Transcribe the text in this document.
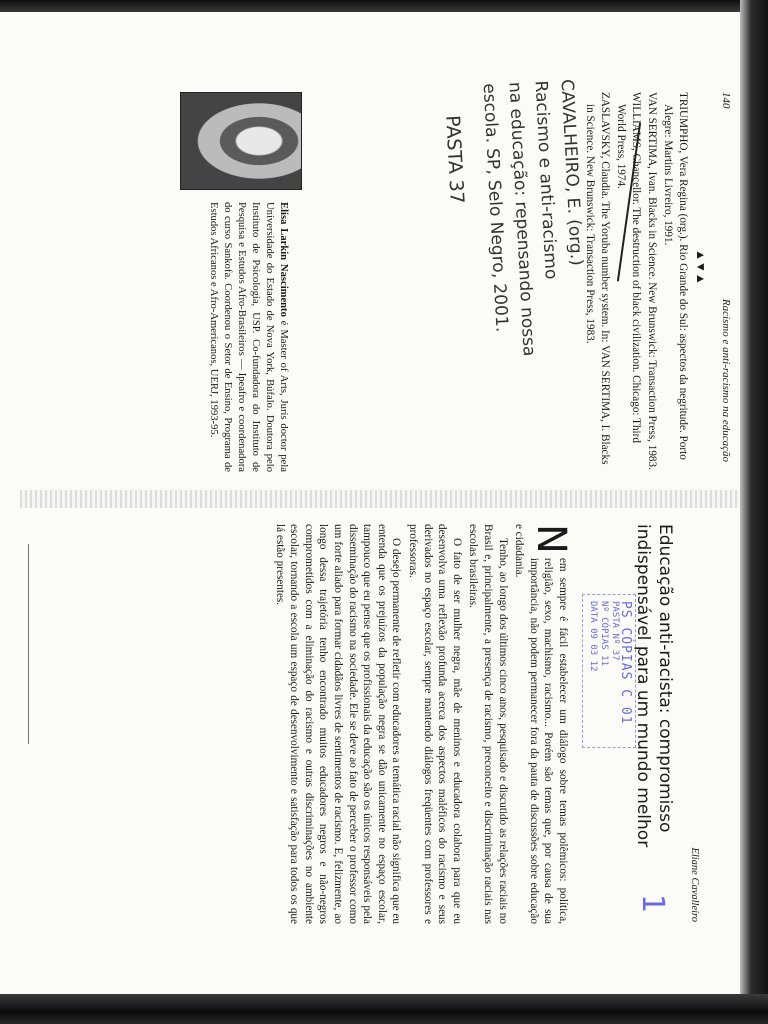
140
Racismo e anti-racismo na educação
▲▼▲

TRIUMPHO, Vera Regina (org.). Rio Grande do Sul: aspectos da negritude. Porto Alegre: Martins Livreiro, 1991.

VAN SERTIMA, Ivan. Blacks in Science. New Brunswick: Transaction Press, 1983.

WILLIAMS, Chancellor. The destruction of black civilization. Chicago: Third World Press, 1974.

ZASLAVSKY, Claudia. The Yoruba number system. In: VAN SERTIMA, I. Blacks in Science. New Brunswick: Transaction Press, 1983.

CAVALHEIRO, E. (org.)
Racismo e anti-racismo
na educação: repensando nossa
escola. SP, Selo Negro, 2001.
PASTA 37
Elisa Larkin Nascimento é Master of Arts, Juris doctor pela Universidade do Estado de Nova York, Búfalo. Doutora pelo Instituto de Psicologia, USP. Co-fundadora do Instituto de Pesquisa e Estudos Afro-Brasileiros — Ipeafro e coordenadora do curso Sankofa. Coordenou o Setor de Ensino, Programa de Estudos Africanos e Afro-Americanos, UERJ, 1993-95.
Eliane Cavalleiro
Educação anti-racista: compromisso indispensável para um mundo melhor
PS CÓPIAS C 01
PASTA Nº 37
Nº CÓPIAS 11
DATA 09 03 12
1

N
em sempre é fácil estabelecer um diálogo sobre temas polêmicos: política, religião, sexo, machismo, racismo... Porém são temas que, por causa de sua importância, não podem permanecer fora da pauta de discussões sobre educação e cidadania.

Tenho, ao longo dos últimos cinco anos, pesquisado e discutido as relações raciais no Brasil e, principalmente, a presença de racismo, preconceito e discriminação raciais nas escolas brasileiras.

O fato de ser mulher negra, mãe de meninos e educadora colabora para que eu desenvolva uma reflexão profunda acerca dos aspectos maléficos do racismo e seus derivados no espaço escolar, sempre mantendo diálogos freqüentes com professores e professoras.

O desejo permanente de refletir com educadores a temática racial não significa que eu entenda que os prejuízos da população negra se dão unicamente no espaço escolar, tampouco que eu pense que os profissionais da educação são os únicos responsáveis pela disseminação do racismo na sociedade. Ele se deve ao fato de perceber o professor como um forte aliado para formar cidadãos livres de sentimentos de racismo. E, felizmente, ao longo dessa trajetória tenho encontrado muitos educadores negros e não-negros comprometidos com a eliminação do racismo e outras discriminações no ambiente escolar, tornando a escola um espaço de desenvolvimento e satisfação para todos os que lá estão presentes.
